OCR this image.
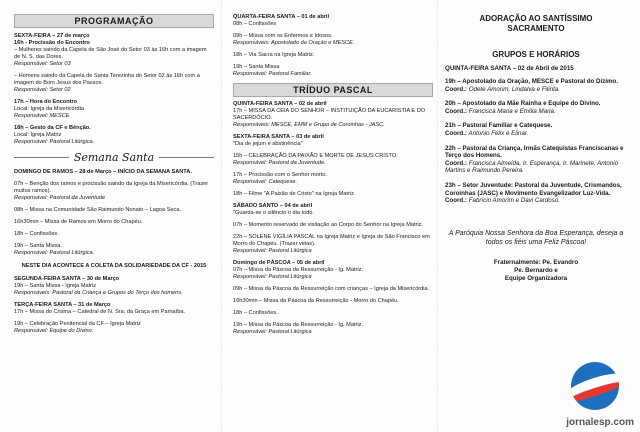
PROGRAMAÇÃO
SEXTA-FEIRA – 27 de março
16h - Procissão do Encontro
– Mulheres saindo da Capela de São José do Setor 03 às 16h com a imagem de N. S. das Dores.
Responsável: Setor 03
– Homens saindo da Capela de Santa Terezinha do Setor 02 às 16h com a imagem do Bom Jesus dos Passos.
Responsável: Setor 02
17h – Hora do Encontro
Local: Igreja da Misericórdia
Responsável: MESCE
18h – Gesto da CF e Bênção.
Local: Igreja Matriz
Responsável: Pastoral Litúrgica.
Semana Santa
DOMINGO DE RAMOS – 28 de Março – INÍCIO DA SEMANA SANTA.
07h – Benção dos ramos e procissão saindo da Igreja da Misericórdia. (Trazer muitos ramos).
Responsável: Pastoral da Juventude
08h – Missa na Comunidade São Raimundo Nonato – Lagoa Seca.
16h30min – Missa de Ramos em Morro do Chapéu.
18h – Confissões.
19h – Santa Missa.
Responsável: Pastoral Litúrgica.
NESTE DIA ACONTECE A COLETA DA SOLIDARIEDADE DA CF - 2015
SEGUNDA-FEIRA SANTA – 30 de Março
19h – Santa Missa - Igreja Matriz
Responsáveis: Pastoral da Criança e Grupos do Terço dos homens.
TERÇA-FEIRA SANTA – 31 de Março
17h – Missa do Crisma – Catedral de N. Sra. da Graça em Parnaíba.
19h – Celebração Penitencial da CF – Igreja Matriz
Responsável: Equipe do Divino.
QUARTA-FEIRA SANTA – 01 de abril
08h – Confissões
09h – Missa com os Enfermos e Idosos.
Responsáveis: Apostolado da Oração e MESCE.
18h – Via Sacra na Igreja Matriz.
19h – Santa Missa
Responsável: Pastoral Familiar.
TRÍDUO PASCAL
QUINTA-FEIRA SANTA – 02 de abril
17h – MISSA DA CEIA DO SENHOR – INSTITUIÇÃO DA EUCARISTIA E DO SACERDÓCIO.
Responsáveis: MESCE, EMM e Grupo de Coroinhas - JASC.
SEXTA-FEIRA SANTA – 03 de abril
"Dia de jejum e abstinência"
15h – CELEBRAÇÃO DA PAIXÃO E MORTE DE JESUS CRISTO.
Responsável: Pastoral da Juventude.
17h – Procissão com o Senhor morto.
Responsável: Catequese.
18h – Filme "A Paixão de Cristo" na Igreja Matriz.
SÁBADO SANTO – 04 de abril
"Guarda-se o silêncio o dia todo.
07h – Momento reservado de visitação ao Corpo do Senhor na Igreja Matriz.
22h – SOLENE VIGÍLIA PASCAL na Igreja Matriz e Igreja de São Francisco em Morro do Chapéu. (Trazer velas).
Responsável: Pastoral Litúrgica
Domingo de PÁSCOA – 05 de abril
07h – Missa da Páscoa da Ressurreição - Ig. Matriz.
Responsável: Pastoral Litúrgica
09h – Missa da Páscoa da Ressurreição com crianças – Igreja da Misericórdia.
16h30min – Missa da Páscoa da Ressurreição - Morro do Chapéu.
18h – Confissões.
19h – Missa da Páscoa da Ressurreição - Ig. Matriz.
Responsável: Pastoral Litúrgica
ADORAÇÃO AO SANTÍSSIMO
SACRAMENTO
GRUPOS E HORÁRIOS
QUINTA-FEIRA SANTA – 02 de Abril de 2015
19h – Apostolado da Oração, MESCE e Pastoral do Dízimo.
Coord.: Odete Amorim, Lindalva e Filinta.
20h – Apostolado da Mãe Rainha e Equipe do Divino.
Coord.: Francisca Maria e Emília Maria.
21h – Pastoral Familiar e Catequese.
Coord.: Antonio Félix e Elinar.
22h – Pastoral da Criança, Irmãs Catequistas Franciscanas e Terço dos Homens.
Coord.: Francisca Almeida, Ir. Esperança, Ir. Marinete, Antonio Martins e Raimundo Pereira.
23h – Setor Juventude: Pastoral da Juventude, Crismandos, Coroinhas (JASC) e Movimento Evangelizador Luz-Vida.
Coord.: Fabrício Amorim e Davi Cardoso.
A Paróquia Nossa Senhora da Boa Esperança, deseja a todos os fiéis uma Feliz Páscoa!
Fraternalmente: Pe. Evandro
Pe. Bernardo e
Equipe Organizadora
jornalesp.com
